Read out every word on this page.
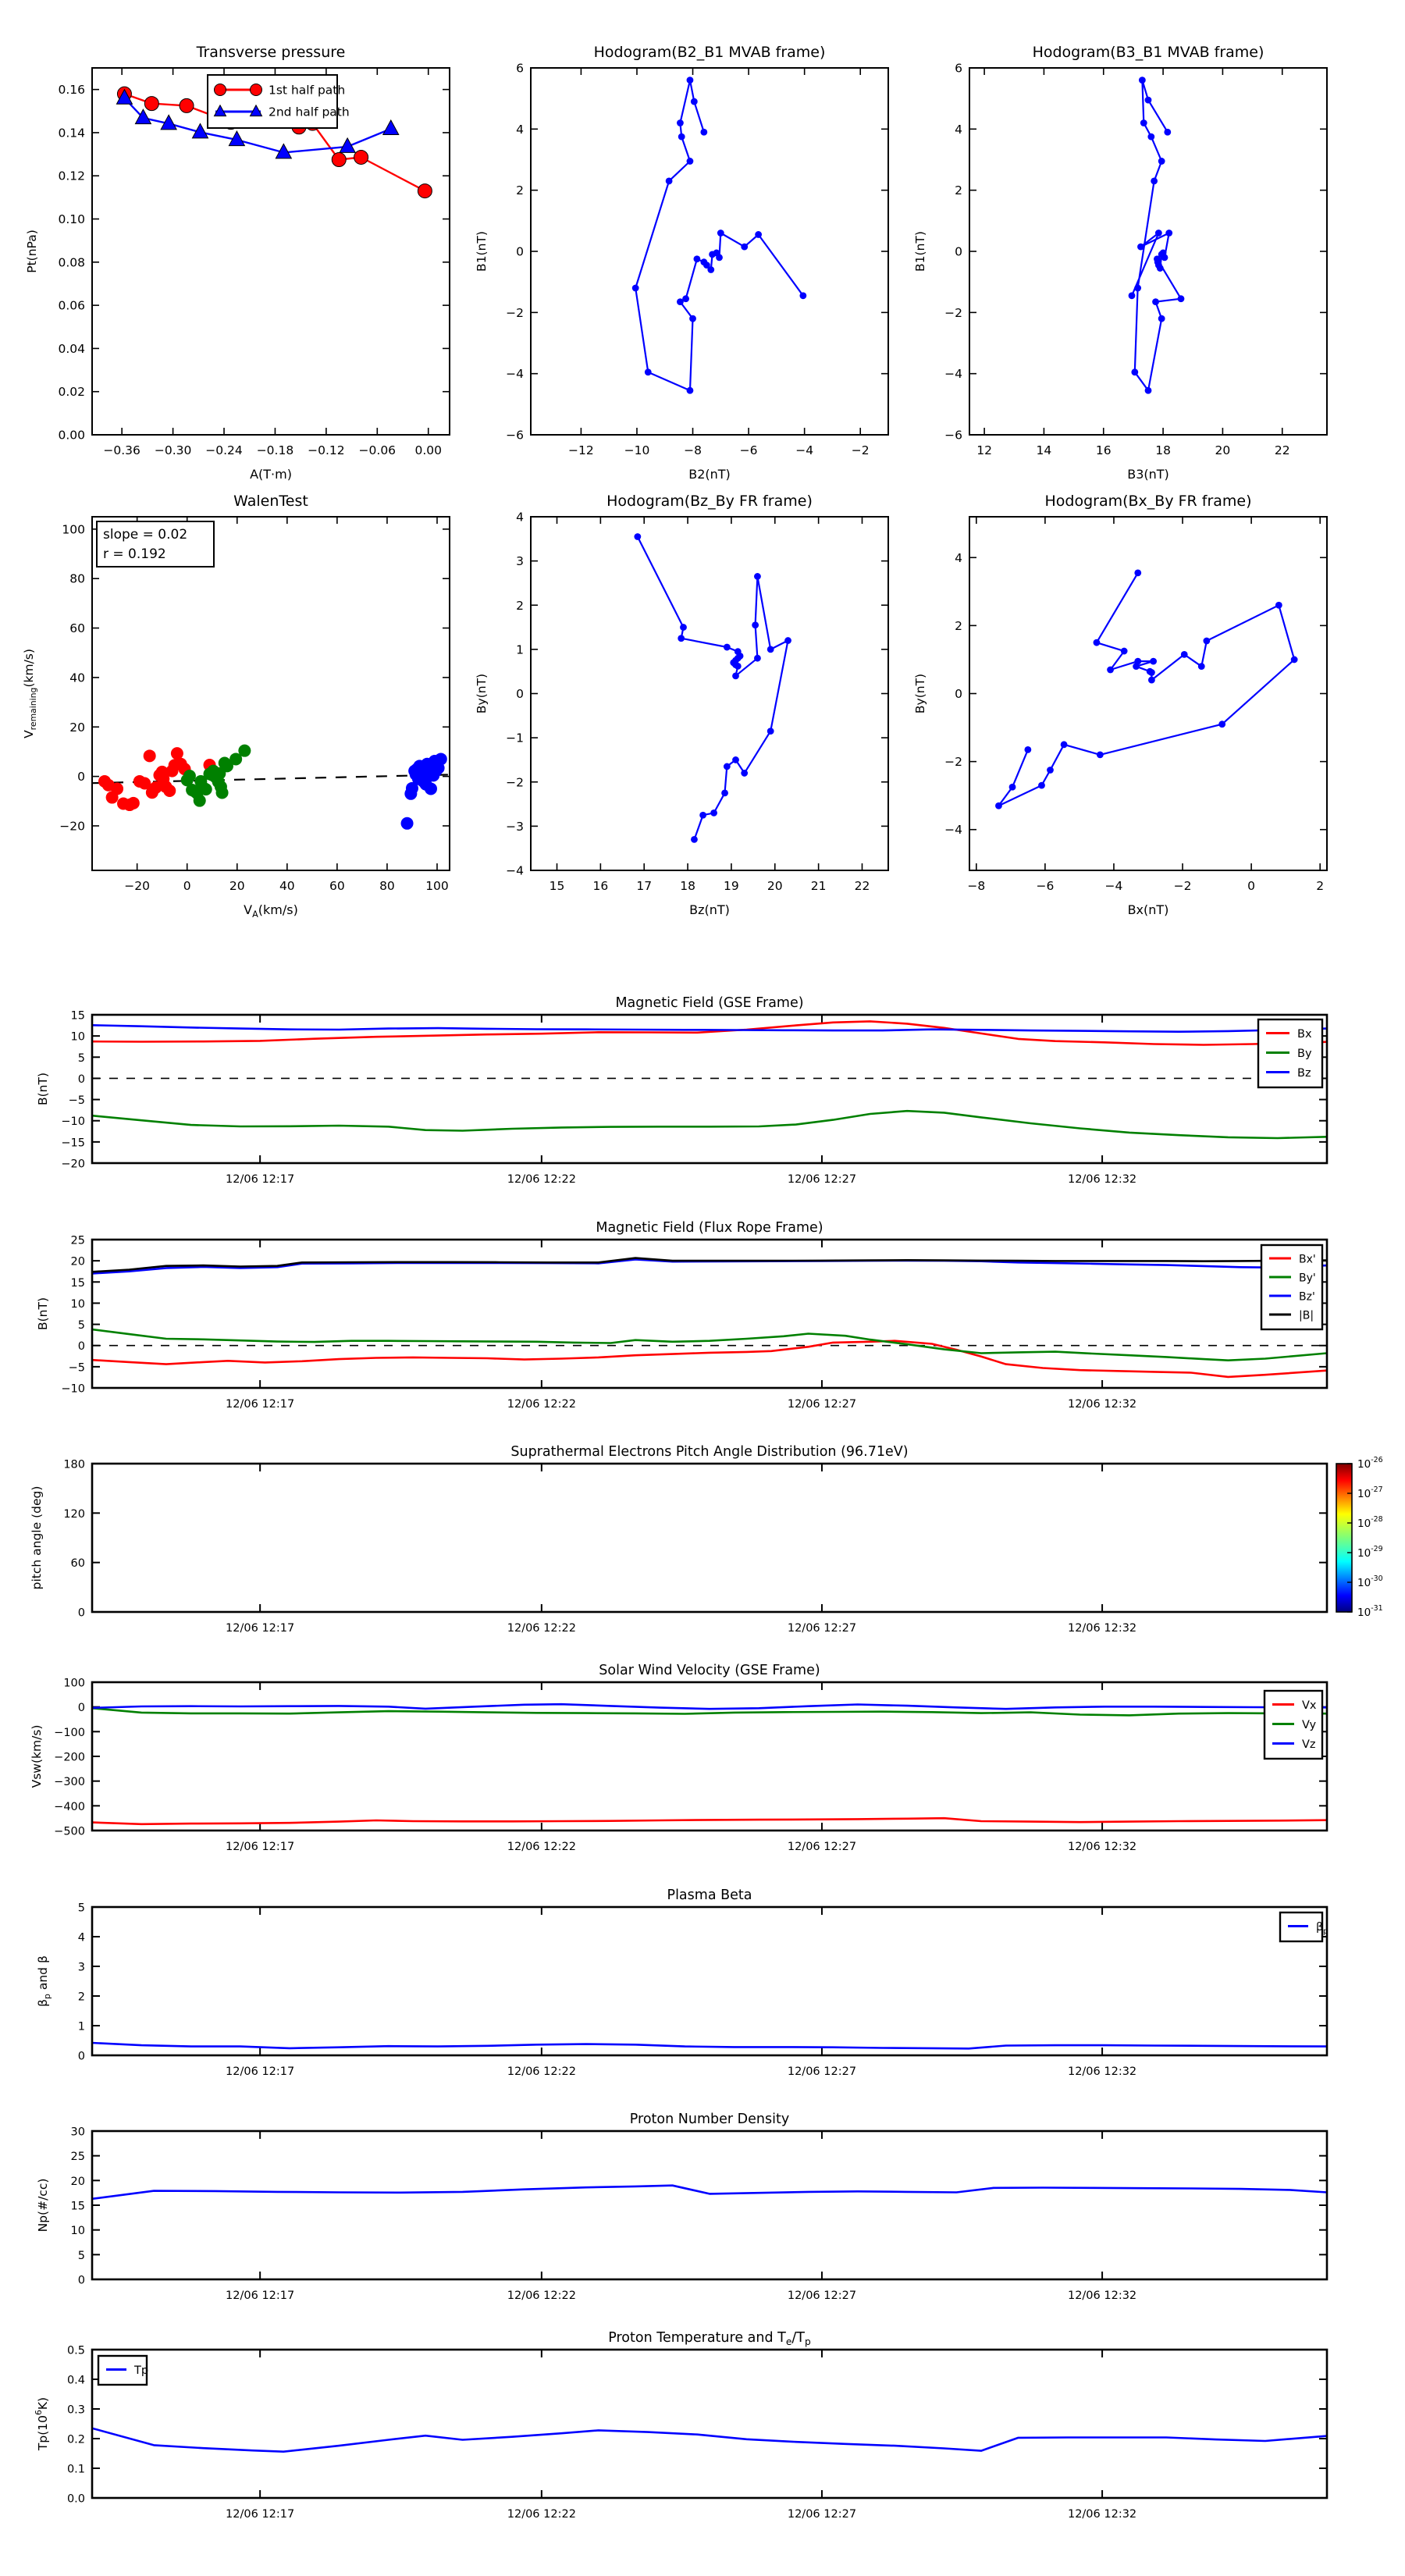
−0.36 −0.30 −0.24 −0.18 −0.12 −0.06 0.00
0.00
0.02
0.04
0.06
0.08
0.10
0.12
0.14
0.16
Transverse pressure
A(T·m)
Pt(nPa)
1st half path
2nd half path
−12	−10	−8	−6	−4	−2
−6
−4
−2
0
2
4
6
Hodogram(B2_B1 MVAB frame)
B2(nT)
B1(nT)
12	14	16	18	20	22
−6
−4
−2
0
2
4
6
Hodogram(B3_B1 MVAB frame)
B3(nT)
B1(nT)
−20	0	20	40	60	80	100
−20
0
20
40
60
80
100
WalenTest
$V_A(km/s)$
$V_{remaining}(km/s)$
slope = 0.02
r = 0.192
15 16 17 18 19 20 21 22
−4
−3
−2
−1
0
1
2
3
4
Hodogram(Bz_By FR frame)
Bz(nT)
By(nT)
−8	−6	−4	−2	0	2
−4
−2
0
2
4
Hodogram(Bx_By FR frame)
Bx(nT)
By(nT)
12/06 12:17	12/06 12:22	12/06 12:27	12/06 12:32
−20
−15
−10
−5
0
5
10
15
Magnetic Field (GSE Frame)
B(nT)
Bx
By
Bz
12/06 12:17	12/06 12:22	12/06 12:27	12/06 12:32
−10
−5
0
5
10
15
20
25
Magnetic Field (Flux Rope Frame)
B(nT)
Bx'
By'
Bz'
|B|
12/06 12:17	12/06 12:22	12/06 12:27	12/06 12:32
0
60
120
180
Suprathermal Electrons Pitch Angle Distribution (96.71eV)
pitch angle (deg)
$10^{-26}$
$10^{-27}$
$10^{-28}$
$10^{-29}$
$10^{-30}$
$10^{-31}$
12/06 12:17	12/06 12:22	12/06 12:27	12/06 12:32
−500
−400
−300
−200
−100
0
100
Solar Wind Velocity (GSE Frame)
Vsw(km/s)
Vx
Vy
Vz
12/06 12:17	12/06 12:22	12/06 12:27	12/06 12:32
0
1
2
3
4
5
Plasma Beta
$\beta_p$ and β
$\beta_p$
12/06 12:17	12/06 12:22	12/06 12:27	12/06 12:32
0
5
10
15
20
25
30
Proton Number Density
Np(#/cc)
12/06 12:17	12/06 12:22	12/06 12:27	12/06 12:32
0.0
0.1
0.2
0.3
0.4
0.5
Proton Temperature and $T_e/T_p$
$Tp(10^6K)$
Tp
